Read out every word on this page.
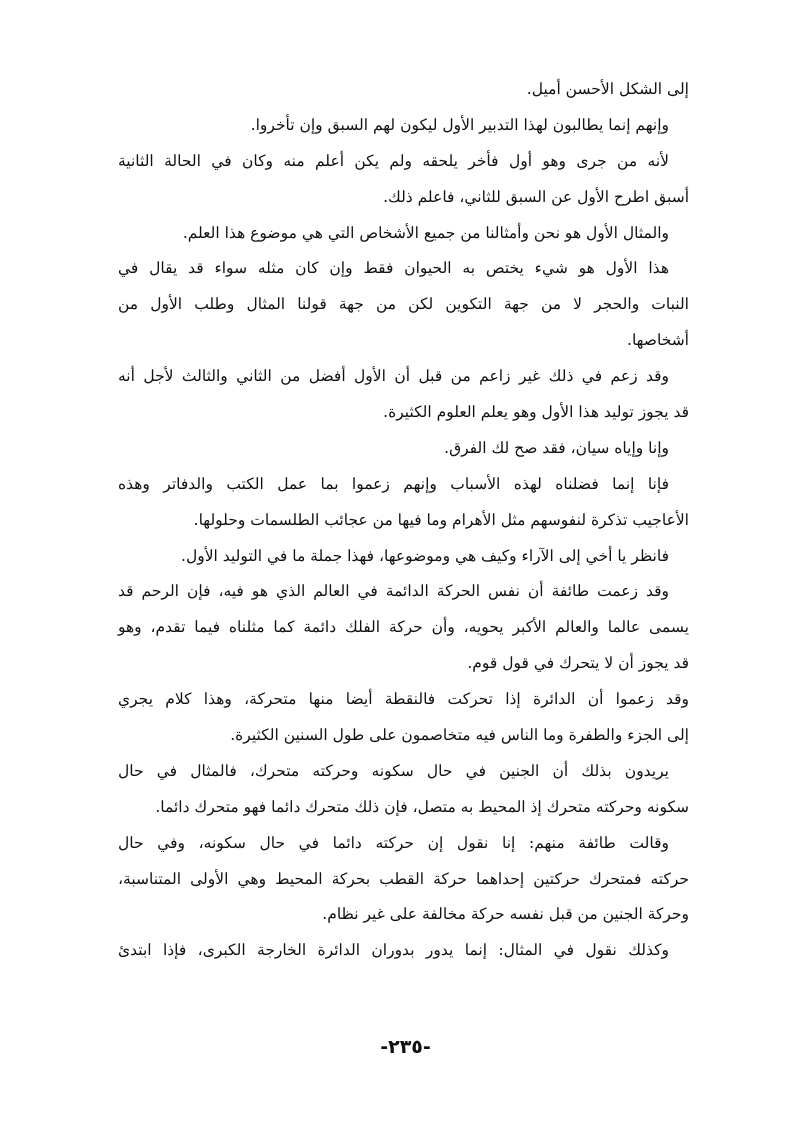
إلى الشكل الأحسن أميل.
وإنهم إنما يطالبون لهذا التدبير الأول ليكون لهم السبق وإن تأخروا.
لأنه من جرى وهو أول فأخر يلحقه ولم يكن أعلم منه وكان في الحالة الثانية
أسبق اطرح الأول عن السبق للثاني، فاعلم ذلك.
والمثال الأول هو نحن وأمثالنا من جميع الأشخاص التي هي موضوع هذا العلم.
هذا الأول هو شيء يختص به الحيوان فقط وإن كان مثله سواء قد يقال في
النبات والحجر لا من جهة التكوين لكن من جهة قولنا المثال وطلب الأول من
أشخاصها.
وقد زعم في ذلك غير زاعم من قبل أن الأول أفضل من الثاني والثالث لأجل أنه
قد يجوز توليد هذا الأول وهو يعلم العلوم الكثيرة.
وإنا وإياه سيان، فقد صح لك الفرق.
فإنا إنما فضلناه لهذه الأسباب وإنهم زعموا بما عمل الكتب والدفاتر وهذه
الأعاجيب تذكرة لنفوسهم مثل الأهرام وما فيها من عجائب الطلسمات وحلولها.
فانظر يا أخي إلى الآراء وكيف هي وموضوعها، فهذا جملة ما في التوليد الأول.
وقد زعمت طائفة أن نفس الحركة الدائمة في العالم الذي هو فيه، فإن الرحم قد
يسمى عالما والعالم الأكبر يحويه، وأن حركة الفلك دائمة كما مثلناه فيما تقدم، وهو
قد يجوز أن لا يتحرك في قول قوم.
وقد زعموا أن الدائرة إذا تحركت فالنقطة أيضا منها متحركة، وهذا كلام يجري
إلى الجزء والطفرة وما الناس فيه متخاصمون على طول السنين الكثيرة.
يريدون بذلك أن الجنين في حال سكونه وحركته متحرك، فالمثال في حال
سكونه وحركته متحرك إذ المحيط به متصل، فإن ذلك متحرك دائما فهو متحرك دائما.
وقالت طائفة منهم: إنا نقول إن حركته دائما في حال سكونه، وفي حال
حركته فمتحرك حركتين إحداهما حركة القطب بحركة المحيط وهي الأولى المتناسبة،
وحركة الجنين من قبل نفسه حركة مخالفة على غير نظام.
وكذلك نقول في المثال: إنما يدور بدوران الدائرة الخارجة الكبرى، فإذا ابتدئ
-٢٣٥-
